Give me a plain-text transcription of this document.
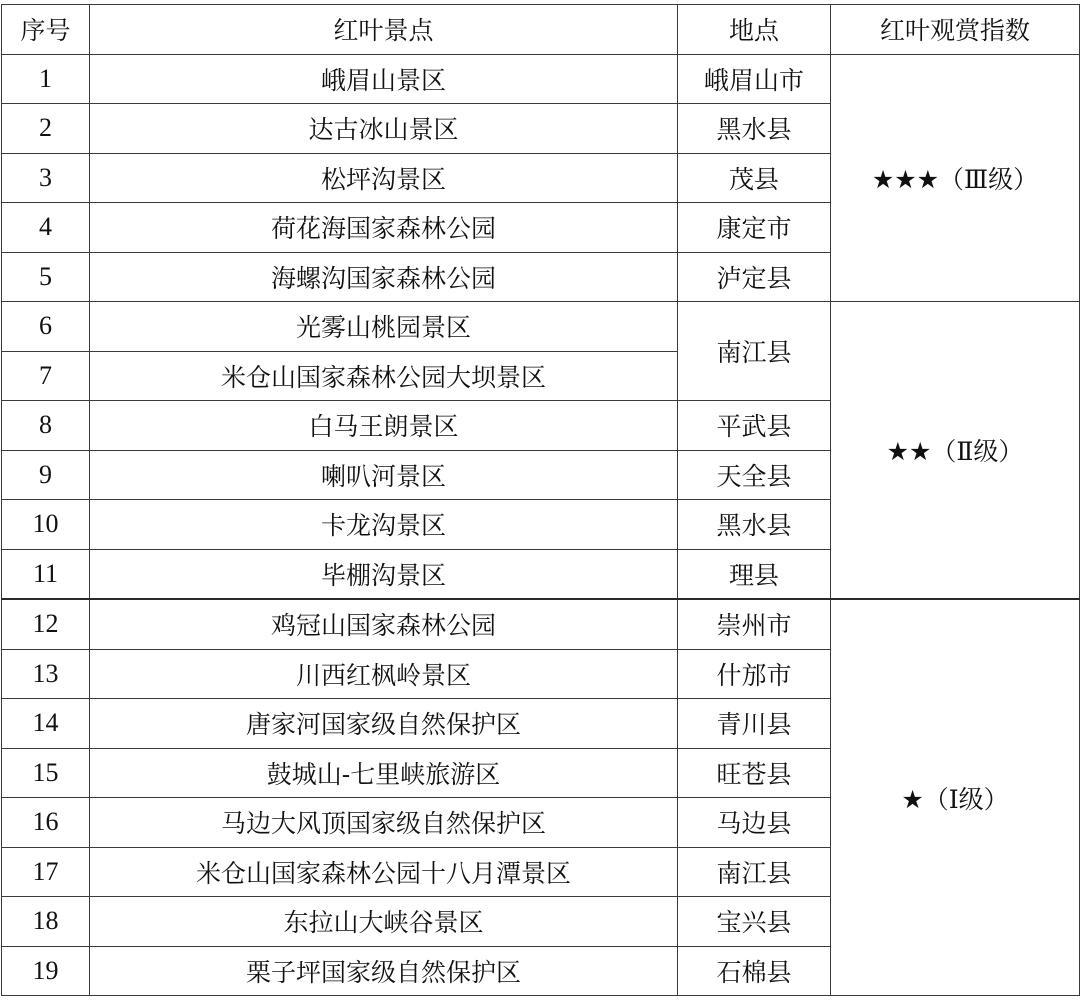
序号	红叶景点	地点	红叶观赏指数
1	峨眉山景区	峨眉山市	★★★（Ⅲ级）
2	达古冰山景区	黑水县	
3	松坪沟景区	茂县	
4	荷花海国家森林公园	康定市	
5	海螺沟国家森林公园	泸定县	
6	光雾山桃园景区	南江县	★★（Ⅱ级）
7	米仓山国家森林公园大坝景区		
8	白马王朗景区	平武县	
9	喇叭河景区	天全县	
10	卡龙沟景区	黑水县	
11	毕棚沟景区	理县	
12	鸡冠山国家森林公园	崇州市	★（Ⅰ级）
13	川西红枫岭景区	什邡市	
14	唐家河国家级自然保护区	青川县	
15	鼓城山-七里峡旅游区	旺苍县	
16	马边大风顶国家级自然保护区	马边县	
17	米仓山国家森林公园十八月潭景区	南江县	
18	东拉山大峡谷景区	宝兴县	
19	栗子坪国家级自然保护区	石棉县	
